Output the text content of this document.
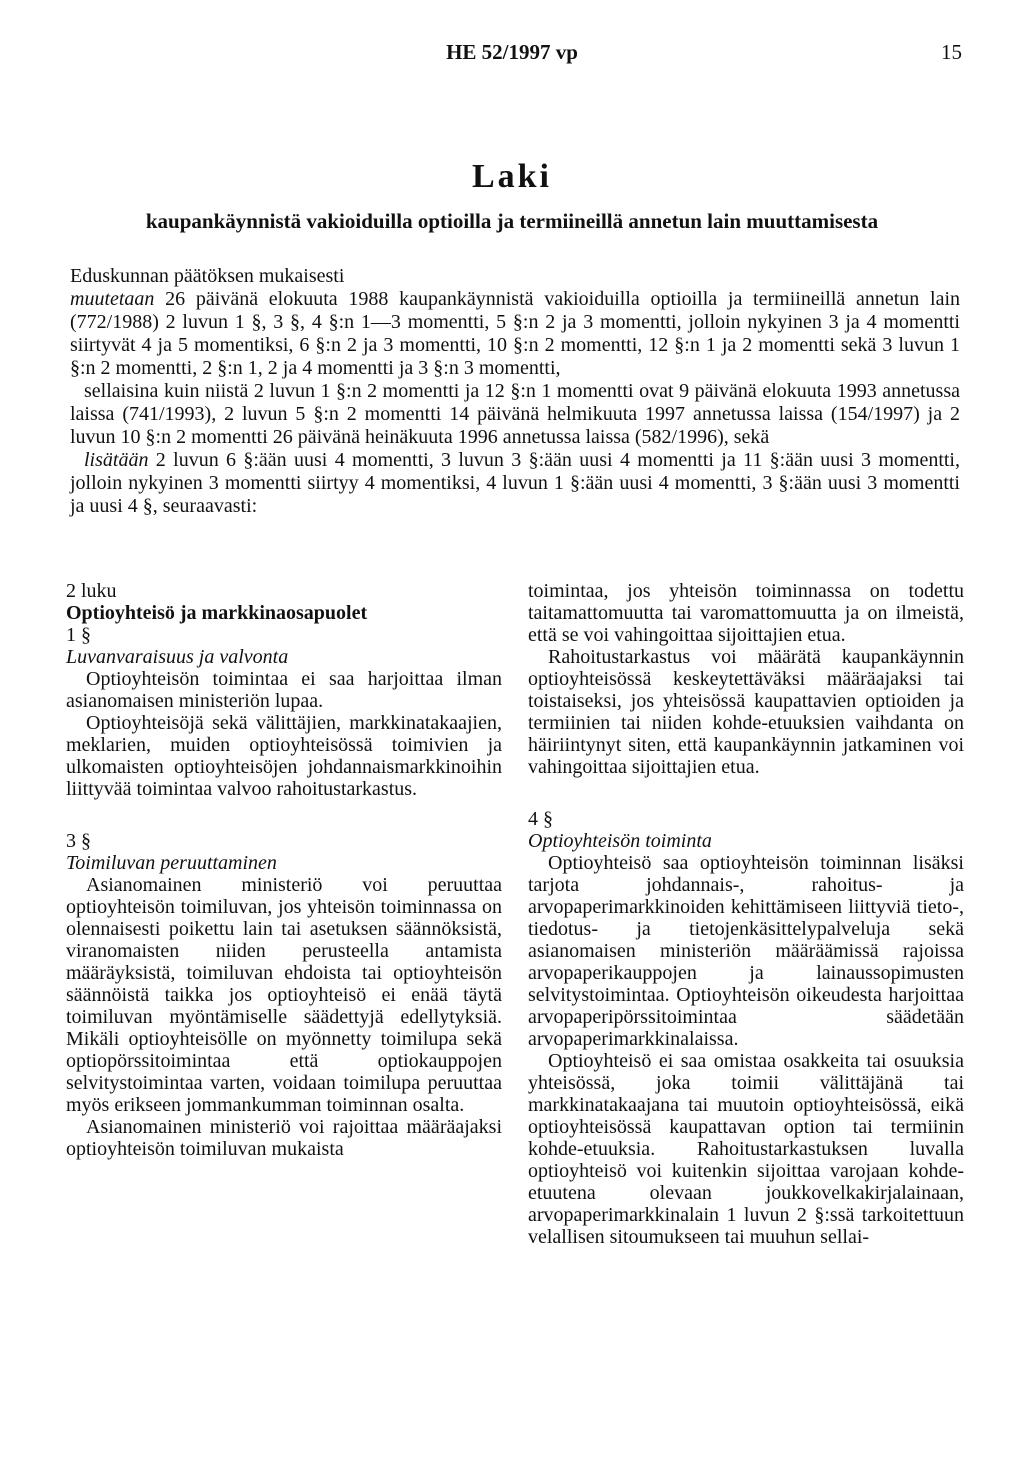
HE 52/1997 vp	15
Laki
kaupankäynnistä vakioiduilla optioilla ja termiineillä annetun lain muuttamisesta

Eduskunnan päätöksen mukaisesti

muutetaan 26 päivänä elokuuta 1988 kaupankäynnistä vakioiduilla optioilla ja termiineillä annetun lain (772/1988) 2 luvun 1 §, 3 §, 4 §:n 1—3 momentti, 5 §:n 2 ja 3 momentti, jolloin nykyinen 3 ja 4 momentti siirtyvät 4 ja 5 momentiksi, 6 §:n 2 ja 3 momentti, 10 §:n 2 momentti, 12 §:n 1 ja 2 momentti sekä 3 luvun 1 §:n 2 momentti, 2 §:n 1, 2 ja 4 momentti ja 3 §:n 3 momentti,

sellaisina kuin niistä 2 luvun 1 §:n 2 momentti ja 12 §:n 1 momentti ovat 9 päivänä elokuuta 1993 annetussa laissa (741/1993), 2 luvun 5 §:n 2 momentti 14 päivänä helmikuuta 1997 annetussa laissa (154/1997) ja 2 luvun 10 §:n 2 momentti 26 päivänä heinäkuuta 1996 annetussa laissa (582/1996), sekä

lisätään 2 luvun 6 §:ään uusi 4 momentti, 3 luvun 3 §:ään uusi 4 momentti ja 11 §:ään uusi 3 momentti, jolloin nykyinen 3 momentti siirtyy 4 momentiksi, 4 luvun 1 §:ään uusi 4 momentti, 3 §:ään uusi 3 momentti ja uusi 4 §, seuraavasti:

2 luku

Optioyhteisö ja markkinaosapuolet

1 §

Luvanvaraisuus ja valvonta

Optioyhteisön toimintaa ei saa harjoittaa ilman asianomaisen ministeriön lupaa.

Optioyhteisöjä sekä välittäjien, markkinatakaajien, meklarien, muiden optioyhteisössä toimivien ja ulkomaisten optioyhteisöjen johdannaismarkkinoihin liittyvää toimintaa valvoo rahoitustarkastus.

3 §

Toimiluvan peruuttaminen

Asianomainen ministeriö voi peruuttaa optioyhteisön toimiluvan, jos yhteisön toiminnassa on olennaisesti poikettu lain tai asetuksen säännöksistä, viranomaisten niiden perusteella antamista määräyksistä, toimiluvan ehdoista tai optioyhteisön säännöistä taikka jos optioyhteisö ei enää täytä toimiluvan myöntämiselle säädettyjä edellytyksiä. Mikäli optioyhteisölle on myönnetty toimilupa sekä optiopörssitoimintaa että optiokauppojen selvitystoimintaa varten, voidaan toimilupa peruuttaa myös erikseen jommankumman toiminnan osalta.

Asianomainen ministeriö voi rajoittaa määräajaksi optioyhteisön toimiluvan mukaista

toimintaa, jos yhteisön toiminnassa on todettu taitamattomuutta tai varomattomuutta ja on ilmeistä, että se voi vahingoittaa sijoittajien etua.

Rahoitustarkastus voi määrätä kaupankäynnin optioyhteisössä keskeytettäväksi määräajaksi tai toistaiseksi, jos yhteisössä kaupattavien optioiden ja termiinien tai niiden kohde-etuuksien vaihdanta on häiriintynyt siten, että kaupankäynnin jatkaminen voi vahingoittaa sijoittajien etua.

4 §

Optioyhteisön toiminta

Optioyhteisö saa optioyhteisön toiminnan lisäksi tarjota johdannais-, rahoitus- ja arvopaperimarkkinoiden kehittämiseen liittyviä tieto-, tiedotus- ja tietojenkäsittelypalveluja sekä asianomaisen ministeriön määräämissä rajoissa arvopaperikauppojen ja lainaussopimusten selvitystoimintaa. Optioyhteisön oikeudesta harjoittaa arvopaperipörssitoimintaa säädetään arvopaperimarkkinalaissa.

Optioyhteisö ei saa omistaa osakkeita tai osuuksia yhteisössä, joka toimii välittäjänä tai markkinatakaajana tai muutoin optioyhteisössä, eikä optioyhteisössä kaupattavan option tai termiinin kohde-etuuksia. Rahoitustarkastuksen luvalla optioyhteisö voi kuitenkin sijoittaa varojaan kohde-etuutena olevaan joukkovelkakirjalainaan, arvopaperimarkkinalain 1 luvun 2 §:ssä tarkoitettuun velallisen sitoumukseen tai muuhun sellai-
